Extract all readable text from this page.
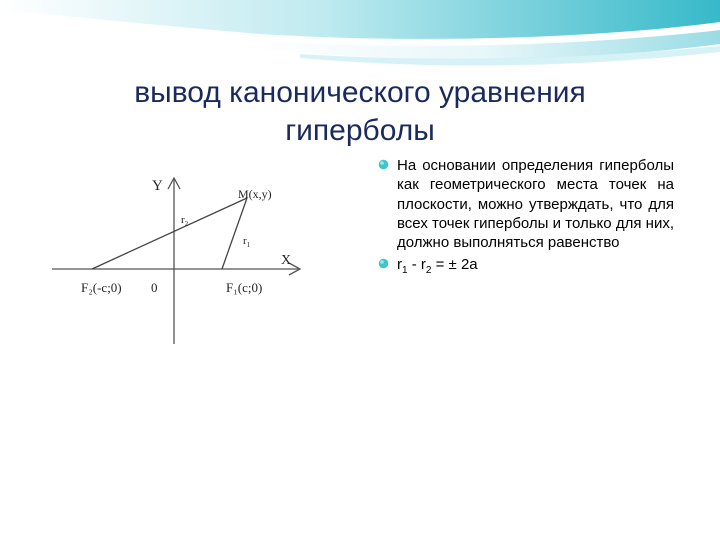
вывод канонического уравнения
гиперболы
Y
X
M(x,y)
$r_2$
$r_1$
F₂(-c;0) 0	F₁(c;0)
На основании определения гиперболы как геометрического места точек на плоскости, можно утверждать, что для всех точек гиперболы и только для них, должно выполняться равенство
$r_1 - r_2$ = ± 2a
